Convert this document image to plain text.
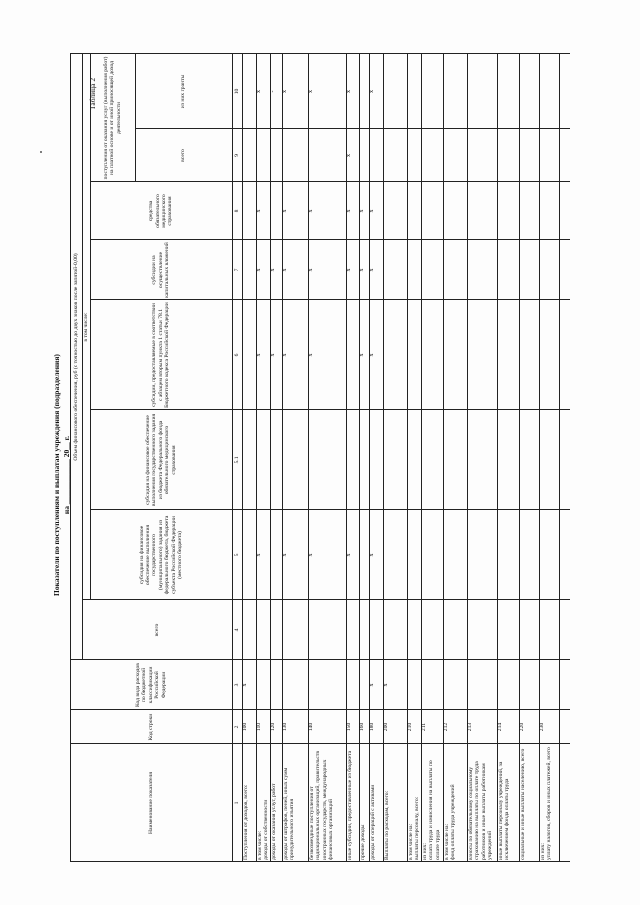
Таблица 2
Показатели по поступлениям и выплатам учреждения (подразделения) на ____________ 20__ г.
Наименование показателя
Код строки
Код вида расходов по бюджетной классификации Российской Федерации
Объем финансового обеспечения, руб (с точностью до двух знаков после запятой-0,00)
всего
в том числе:
субсидия на финансовое обеспечение выполнения государственного (муниципального) задания из федерального бюджета, бюджета субъекта Российской Федерации (местного бюджета)
субсидия на финансовое обеспечение выполнения государственного задания из бюджета Федерального фонда обязательного медицинского страхования
субсидии, предоставляемые в соответствии с абзацем вторым пункта 1 статьи 78.1 Бюджетного кодекса Российской Федерации
субсидии на осуществление капитальных вложений
средства обязательного медицинского страхования
поступления от оказания услуг (выполнения работ) на платной основе и от иной приносящей доход деятельности
всего
из них гранты
1
2
3
4
5
5.1
6
7
8
9
10
Поступления от доходов, всего:
100
x
в том числе:
доходы от собственности
110
x
x
x
x
x
доходы от оказания услуг, работ
120
x
x
-
доходы от штрафов, пеней, иных сумм принудительного изъятия
130
x
x
x
x
x
безвозмездные поступления от наднациональных организаций, правительств иностранных государств, международных финансовых организаций
140
x
x
x
x
x
иные субсидии, предоставленные из бюджета
150
x
x
x
x
x
прочие доходы
160
x
x
x
доходы от операций с активами
180
x
x
x
x
x
x
Выплаты по расходам, всего:
200
x
в том числе на:
выплаты персоналу, всего:
210
из них:
оплата труда и начисления на выплаты по оплате труда
211
в том числе на:
фонд оплаты труда учреждений
212
взносы по обязательному социальному страхованию на выплаты по оплате труда работников и иные выплаты работникам учреждений
213
иные выплаты персоналу учреждений, за исключением фонда оплаты труда
214
социальные и иные выплаты населению, всего
220
из них:
уплату налогов, сборов и иных платежей, всего
230
